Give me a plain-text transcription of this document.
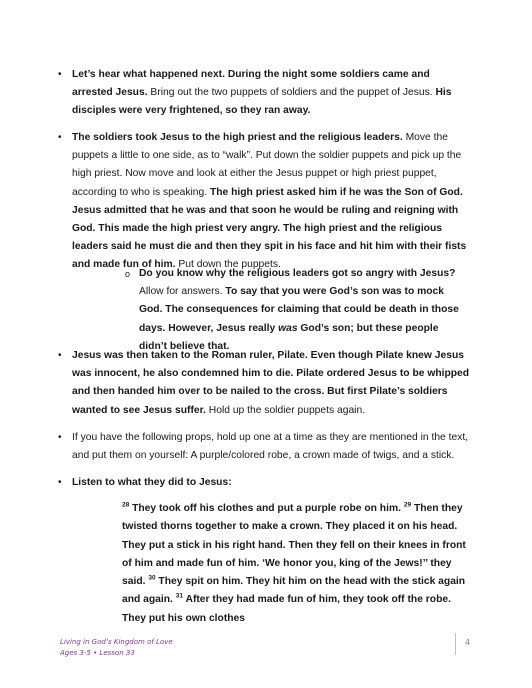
• Let’s hear what happened next. During the night some soldiers came and arrested Jesus. Bring out the two puppets of soldiers and the puppet of Jesus. His disciples were very frightened, so they ran away.
• The soldiers took Jesus to the high priest and the religious leaders. Move the puppets a little to one side, as to “walk”. Put down the soldier puppets and pick up the high priest. Now move and look at either the Jesus puppet or high priest puppet, according to who is speaking. The high priest asked him if he was the Son of God. Jesus admitted that he was and that soon he would be ruling and reigning with God. This made the high priest very angry. The high priest and the religious leaders said he must die and then they spit in his face and hit him with their fists and made fun of him. Put down the puppets.
o Do you know why the religious leaders got so angry with Jesus? Allow for answers. To say that you were God’s son was to mock God. The consequences for claiming that could be death in those days. However, Jesus really was God’s son; but these people didn’t believe that.
• Jesus was then taken to the Roman ruler, Pilate. Even though Pilate knew Jesus was innocent, he also condemned him to die. Pilate ordered Jesus to be whipped and then handed him over to be nailed to the cross. But first Pilate’s soldiers wanted to see Jesus suffer. Hold up the soldier puppets again.
• If you have the following props, hold up one at a time as they are mentioned in the text, and put them on yourself: A purple/colored robe, a crown made of twigs, and a stick.
• Listen to what they did to Jesus:
$^{28}$ They took off his clothes and put a purple robe on him. $^{29}$ Then they twisted thorns together to make a crown. They placed it on his head. They put a stick in his right hand. Then they fell on their knees in front of him and made fun of him. ‘We honor you, king of the Jews!’’ they said. $^{30}$ They spit on him. They hit him on the head with the stick again and again. $^{31}$ After they had made fun of him, they took off the robe. They put his own clothes
Living in God’s Kingdom of Love
Ages 3-5 • Lesson 33
4
